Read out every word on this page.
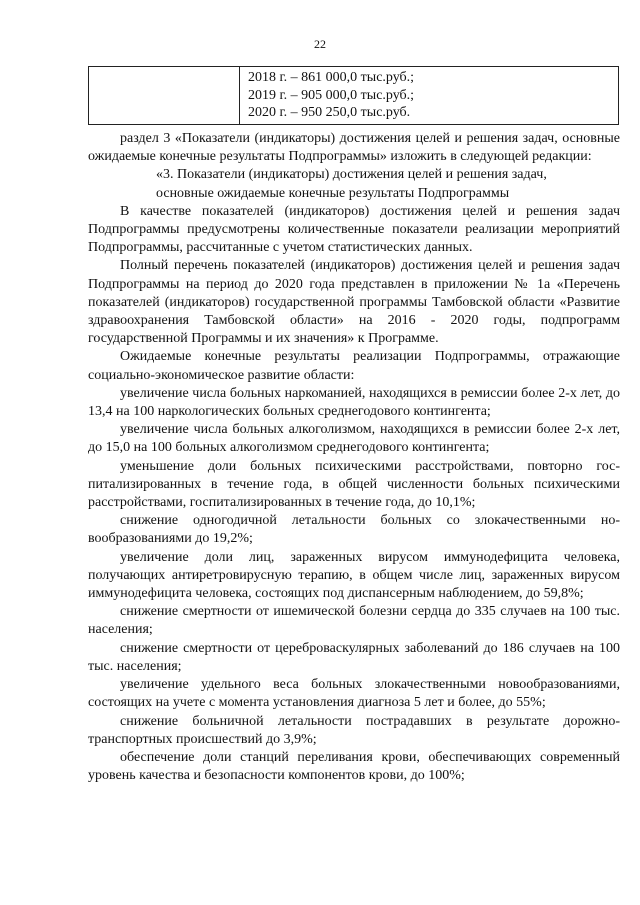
22

2018 г. – 861 000,0 тыс.руб.;
2019 г. – 905 000,0 тыс.руб.;
2020 г. – 950 250,0 тыс.руб.

раздел 3 «Показатели (индикаторы) достижения целей и решения задач, основные ожидаемые конечные результаты Подпрограммы» изложить в следующей редакции:

«3. Показатели (индикаторы) достижения целей и решения задач,

основные ожидаемые конечные результаты Подпрограммы

В качестве показателей (индикаторов) достижения целей и решения задач Подпрограммы предусмотрены количественные показатели реализации мероприятий Подпрограммы, рассчитанные с учетом статистических данных.

Полный перечень показателей (индикаторов) достижения целей и решения задач Подпрограммы на период до 2020 года представлен в приложении № 1а «Перечень показателей (индикаторов) государственной программы Тамбовской области «Развитие здравоохранения Тамбовской области» на 2016 - 2020 годы, подпрограмм государственной Программы и их значения» к Программе.

Ожидаемые конечные результаты реализации Подпрограммы, отражающие социально-экономическое развитие области:

увеличение числа больных наркоманией, находящихся в ремиссии более 2-х лет, до 13,4 на 100 наркологических больных среднегодового контингента;

увеличение числа больных алкоголизмом, находящихся в ремиссии более 2-х лет, до 15,0 на 100 больных алкоголизмом среднегодового контингента;

уменьшение доли больных психическими расстройствами, повторно госпитализированных в течение года, в общей численности больных психическими расстройствами, госпитализированных в течение года, до 10,1%;

снижение одногодичной летальности больных со злокачественными новообразованиями до 19,2%;

увеличение доли лиц, зараженных вирусом иммунодефицита человека, получающих антиретровирусную терапию, в общем числе лиц, зараженных вирусом иммунодефицита человека, состоящих под диспансерным наблюдением, до 59,8%;

снижение смертности от ишемической болезни сердца до 335 случаев на 100 тыс. населения;

снижение смертности от цереброваскулярных заболеваний до 186 случаев на 100 тыс. населения;

увеличение удельного веса больных злокачественными новообразованиями, состоящих на учете с момента установления диагноза 5 лет и более, до 55%;

снижение больничной летальности пострадавших в результате дорожно-транспортных происшествий до 3,9%;

обеспечение доли станций переливания крови, обеспечивающих современный уровень качества и безопасности компонентов крови, до 100%;
